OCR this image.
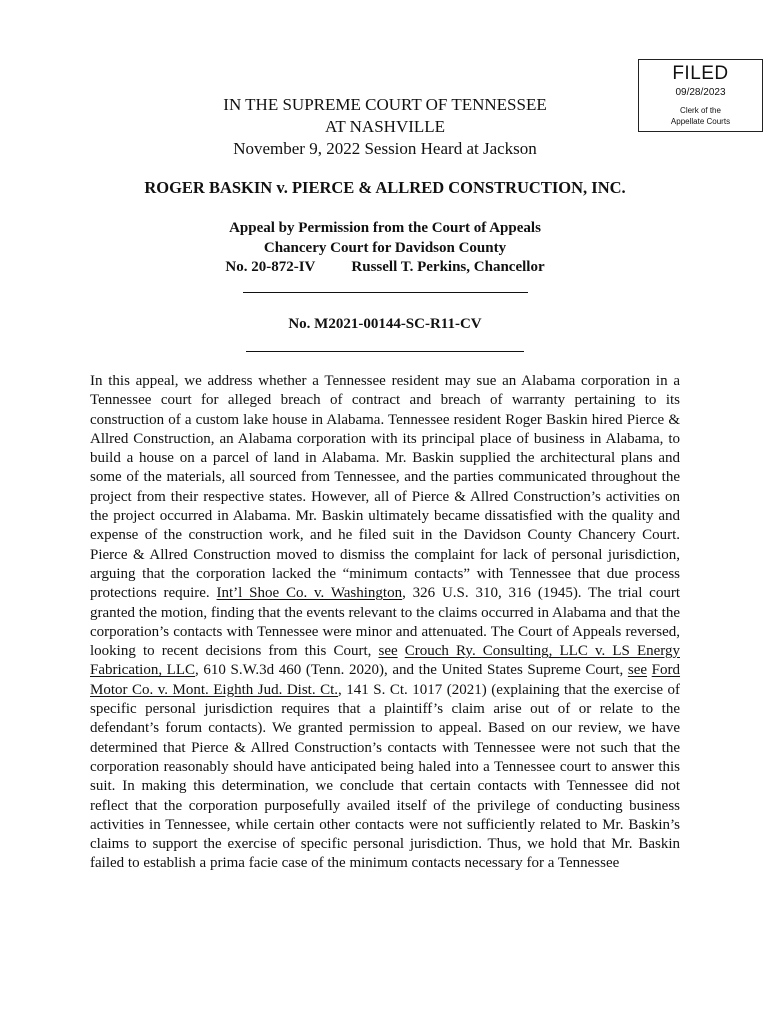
FILED
09/28/2023
Clerk of the
Appellate Courts
IN THE SUPREME COURT OF TENNESSEE
AT NASHVILLE
November 9, 2022 Session Heard at Jackson
ROGER BASKIN v. PIERCE & ALLRED CONSTRUCTION, INC.
Appeal by Permission from the Court of Appeals
Chancery Court for Davidson County
No. 20-872-IV Russell T. Perkins, Chancellor
No. M2021-00144-SC-R11-CV

In this appeal, we address whether a Tennessee resident may sue an Alabama corporation in a Tennessee court for alleged breach of contract and breach of warranty pertaining to its construction of a custom lake house in Alabama. Tennessee resident Roger Baskin hired Pierce & Allred Construction, an Alabama corporation with its principal place of business in Alabama, to build a house on a parcel of land in Alabama. Mr. Baskin supplied the architectural plans and some of the materials, all sourced from Tennessee, and the parties communicated throughout the project from their respective states. However, all of Pierce & Allred Construction’s activities on the project occurred in Alabama. Mr. Baskin ultimately became dissatisfied with the quality and expense of the construction work, and he filed suit in the Davidson County Chancery Court. Pierce & Allred Construction moved to dismiss the complaint for lack of personal jurisdiction, arguing that the corporation lacked the “minimum contacts” with Tennessee that due process protections require. Int’l Shoe Co. v. Washington, 326 U.S. 310, 316 (1945). The trial court granted the motion, finding that the events relevant to the claims occurred in Alabama and that the corporation’s contacts with Tennessee were minor and attenuated. The Court of Appeals reversed, looking to recent decisions from this Court, see Crouch Ry. Consulting, LLC v. LS Energy Fabrication, LLC, 610 S.W.3d 460 (Tenn. 2020), and the United States Supreme Court, see Ford Motor Co. v. Mont. Eighth Jud. Dist. Ct., 141 S. Ct. 1017 (2021) (explaining that the exercise of specific personal jurisdiction requires that a plaintiff’s claim arise out of or relate to the defendant’s forum contacts). We granted permission to appeal. Based on our review, we have determined that Pierce & Allred Construction’s contacts with Tennessee were not such that the corporation reasonably should have anticipated being haled into a Tennessee court to answer this suit. In making this determination, we conclude that certain contacts with Tennessee did not reflect that the corporation purposefully availed itself of the privilege of conducting business activities in Tennessee, while certain other contacts were not sufficiently related to Mr. Baskin’s claims to support the exercise of specific personal jurisdiction. Thus, we hold that Mr. Baskin failed to establish a prima facie case of the minimum contacts necessary for a Tennessee
